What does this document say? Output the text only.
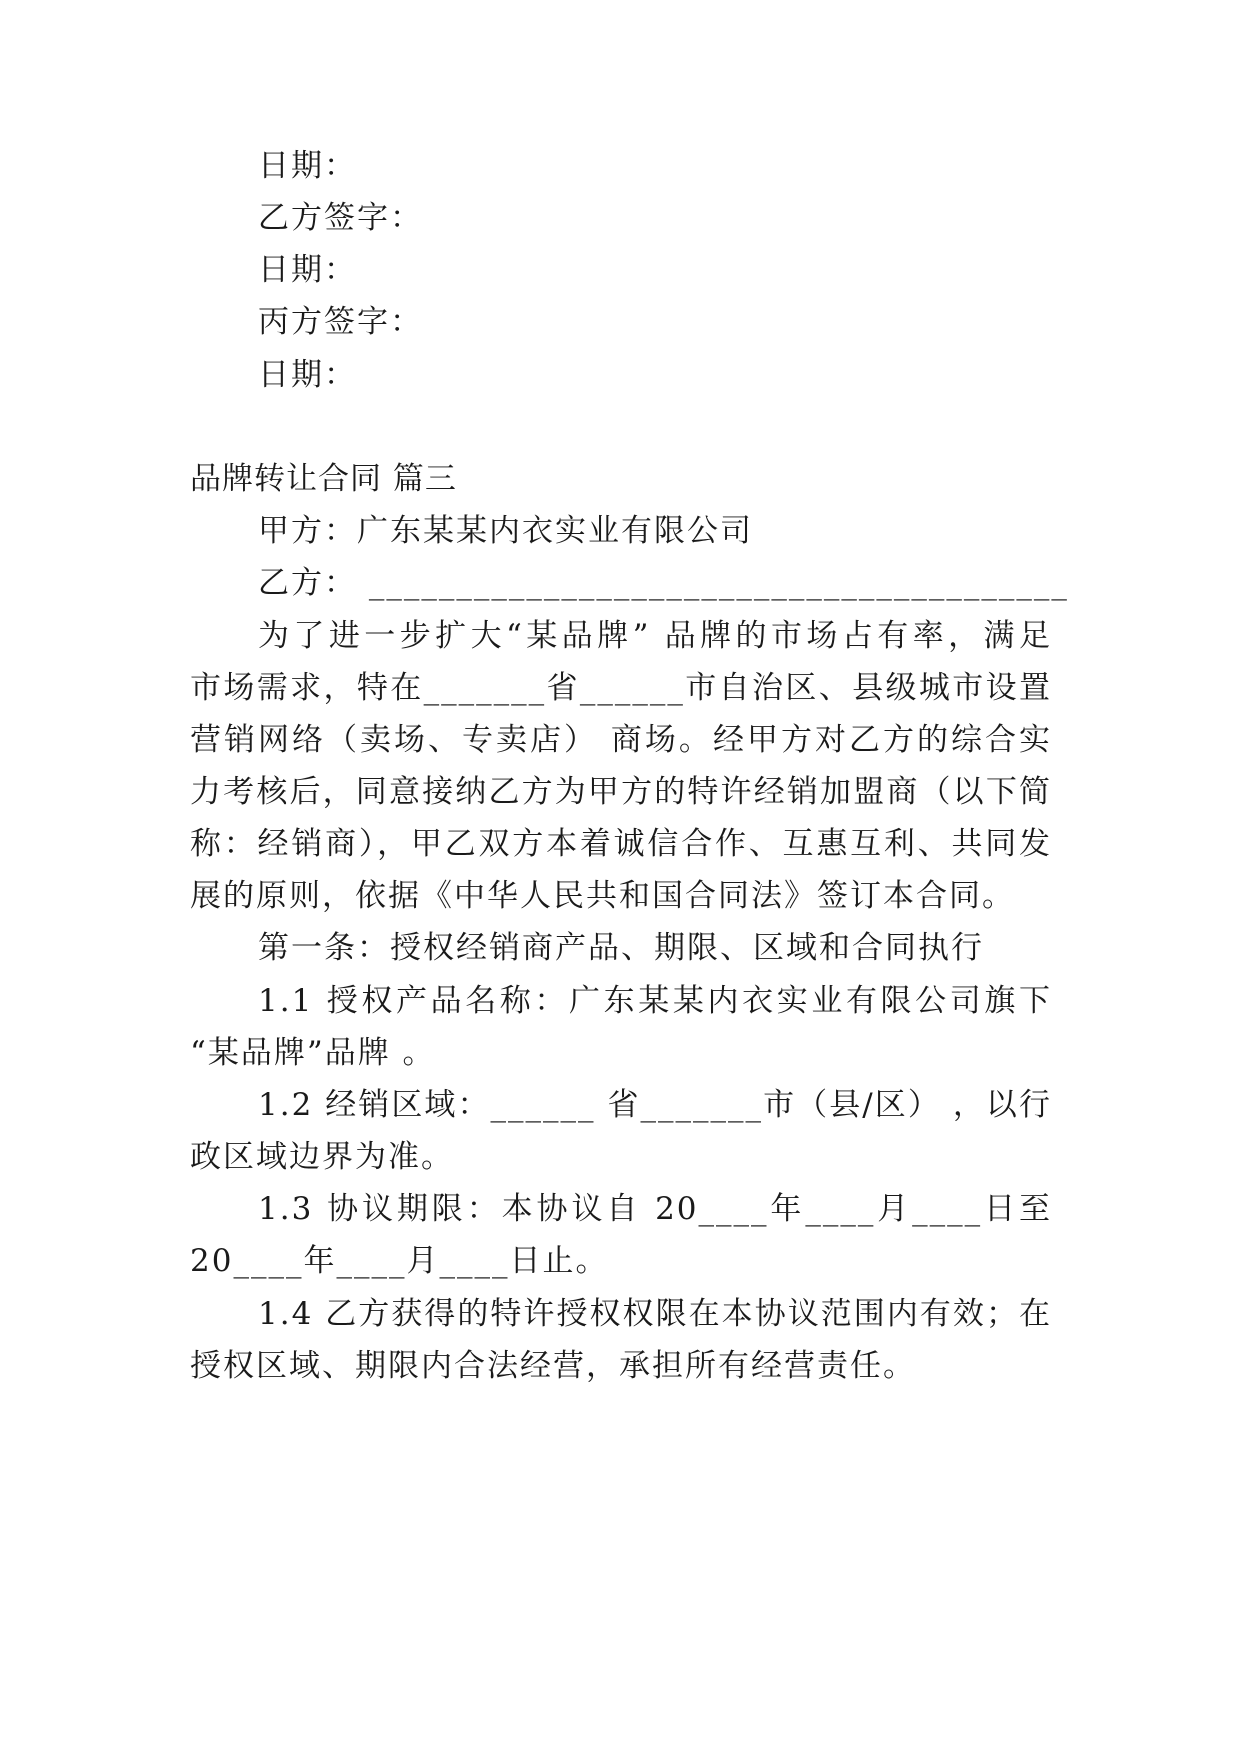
日期：
乙方签字：
日期：
丙方签字：
日期：
品牌转让合同 篇三
甲方：广东某某内衣实业有限公司
乙方： ________________________________________
为了进一步扩大“某品牌” 品牌的市场占有率，满足
市场需求，特在_______省______市自治区、县级城市设置
营销网络（卖场、专卖店） 商场。经甲方对乙方的综合实
力考核后，同意接纳乙方为甲方的特许经销加盟商（以下简
称：经销商），甲乙双方本着诚信合作、互惠互利、共同发
展的原则，依据《中华人民共和国合同法》签订本合同。
第一条：授权经销商产品、期限、区域和合同执行
1.1 授权产品名称：广东某某内衣实业有限公司旗下
“某品牌”品牌 。
1.2 经销区域：______ 省_______市（县/区） ，以行
政区域边界为准。
1.3 协议期限：本协议自 20____年____月____日至
20____年____月____日止。
1.4 乙方获得的特许授权权限在本协议范围内有效；在
授权区域、期限内合法经营，承担所有经营责任。
